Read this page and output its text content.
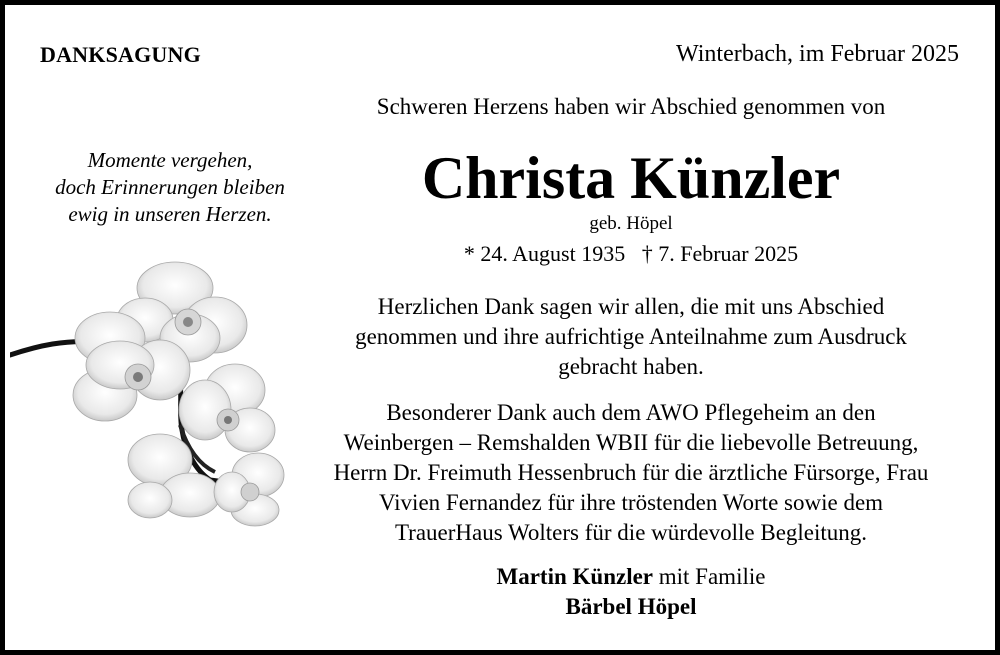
DANKSAGUNG	Winterbach, im Februar 2025
Schweren Herzens haben wir Abschied genommen von

Momente vergehen,

doch Erinnerungen bleiben

ewig in unseren Herzen.

Christa Künzler
geb. Höpel
* 24. August 1935   † 7. Februar 2025

Herzlichen Dank sagen wir allen, die mit uns Abschied

genommen und ihre aufrichtige Anteilnahme zum Ausdruck

gebracht haben.

Besonderer Dank auch dem AWO Pflegeheim an den

Weinbergen – Remshalden WBII für die liebevolle Betreuung,

Herrn Dr. Freimuth Hessenbruch für die ärztliche Fürsorge, Frau

Vivien Fernandez für ihre tröstenden Worte sowie dem

TrauerHaus Wolters für die würdevolle Begleitung.

Martin Künzler mit Familie
Bärbel Höpel
